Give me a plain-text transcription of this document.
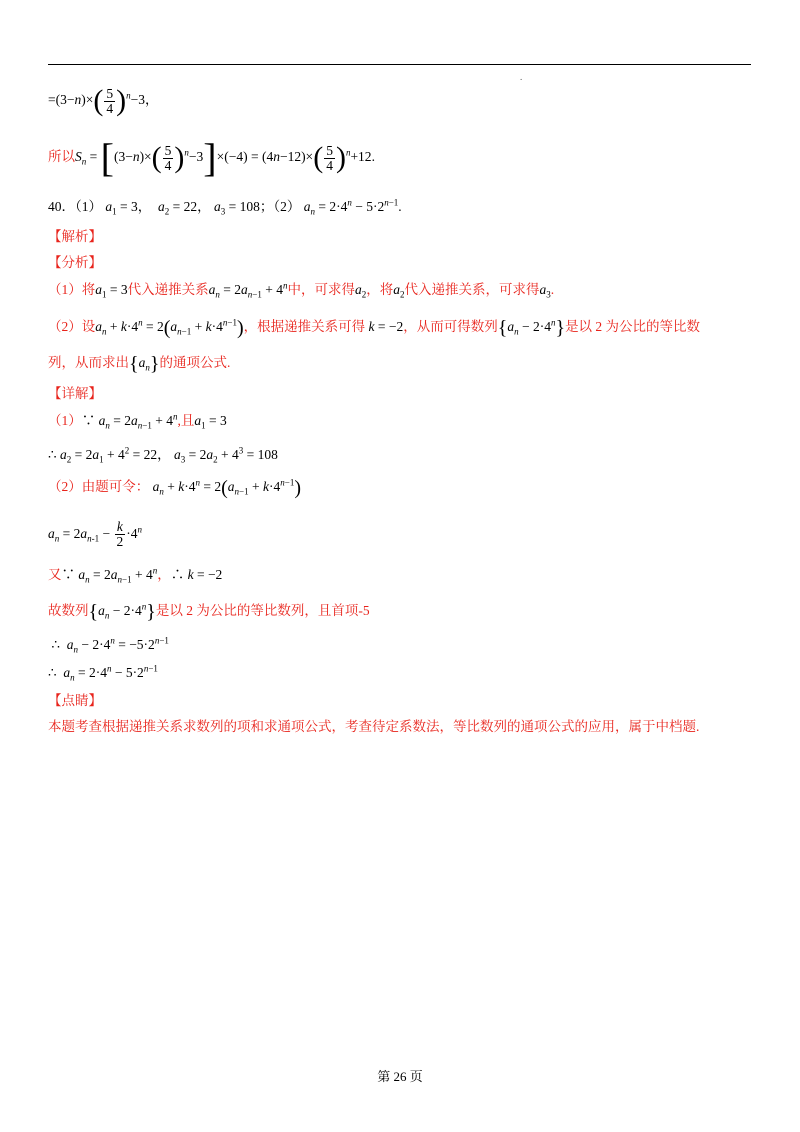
.
$=(3-n)\times( \frac{5}{4} )^n-3$，
所以$S_n = [(3-n)\times( \frac{5}{4} )^n-3]\times(-4) = (4n-12)\times( \frac{5}{4} )^n+12$.
40．（1） $a_1 = 3$， $a_2 = 22$， $a_3 = 108$；（2） $a_n = 2\cdot 4^n - 5\cdot 2^{n-1}$.
【解析】
【分析】
（1）将$a_1 = 3$代入递推关系$a_n = 2a_{n-1} + 4^n$中，可求得$a_2$，将$a_2$代入递推关系，可求得$a_3$.
（2）设$a_n + k\cdot 4^n = 2(a_{n-1} + k\cdot 4^{n-1})$，根据递推关系可得 k = −2，从而可得数列$\{a_n - 2\cdot 4^n\}$是以 2 为公比的等比数
列，从而求出$\{a_n\}$的通项公式.
【详解】
（1）∵ $a_n = 2a_{n-1} + 4^n$,且$a_1 = 3$
∴ $a_2 = 2a_1 + 4^2 = 22$， $a_3 = 2a_2 + 4^3 = 108$
（2）由题可令： $a_n + k\cdot 4^n = 2(a_{n-1} + k\cdot 4^{n-1})$
$a_n = 2a_{n-1} - \frac{k}{2} \cdot 4^n$
又∵ $a_n = 2a_{n-1} + 4^n$，∴ k = −2
故数列$\{a_n - 2\cdot 4^n\}$是以 2 为公比的等比数列，且首项-5
∴  $a_n - 2\cdot 4^n = -5\cdot 2^{n-1}$
∴  $a_n = 2\cdot 4^n - 5\cdot 2^{n-1}$
【点睛】
本题考查根据递推关系求数列的项和求通项公式，考查待定系数法，等比数列的通项公式的应用，属于中档题.
第 26 页
